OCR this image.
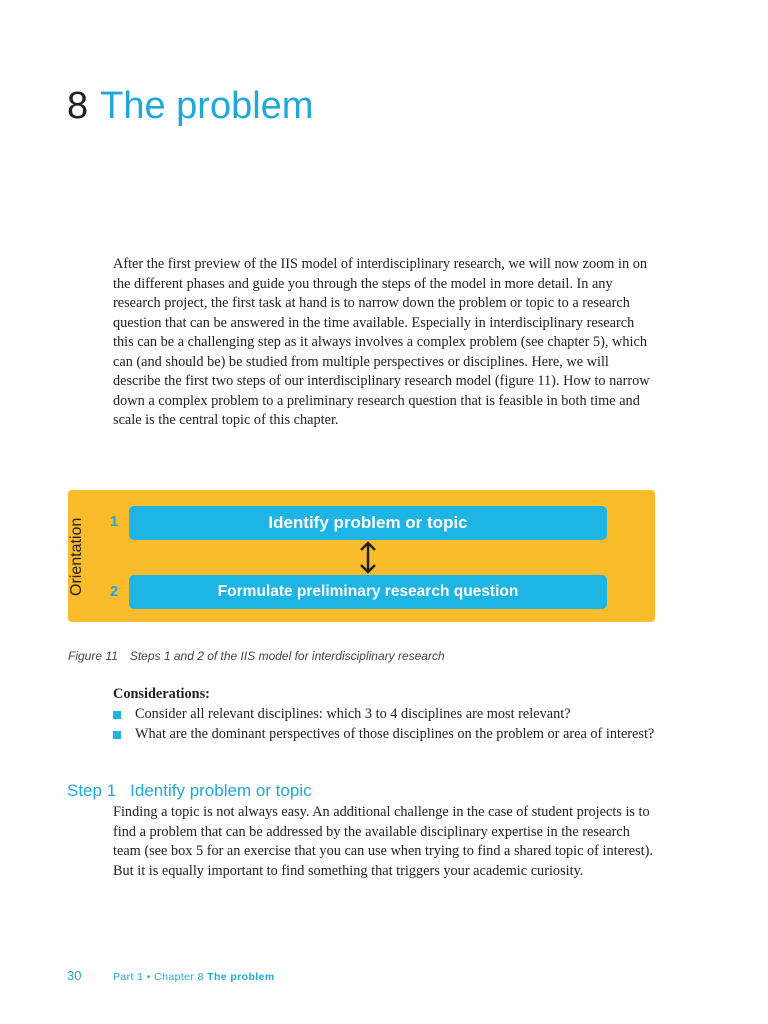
8 The problem

After the first preview of the IIS model of interdisciplinary research, we will now zoom in on the different phases and guide you through the steps of the model in more detail. In any research project, the first task at hand is to narrow down the problem or topic to a research question that can be answered in the time available. Especially in interdisciplinary research this can be a challenging step as it always involves a complex problem (see chapter 5), which can (and should be) be studied from multiple perspectives or disciplines. Here, we will describe the first two steps of our interdisciplinary research model (figure 11). How to narrow down a complex problem to a preliminary research question that is feasible in both time and scale is the central topic of this chapter.

Orientation 1	Identify problem or topic
2	Formulate preliminary research question
Figure 11 Steps 1 and 2 of the IIS model for interdisciplinary research

Considerations:

Consider all relevant disciplines: which 3 to 4 disciplines are most relevant?
What are the dominant perspectives of those disciplines on the problem or area of interest?
Step 1 Identify problem or topic

Finding a topic is not always easy. An additional challenge in the case of student projects is to find a problem that can be addressed by the available disciplinary expertise in the research team (see box 5 for an exercise that you can use when trying to find a shared topic of interest). But it is equally important to find something that triggers your academic curiosity.

30	Part 1 • Chapter 8 The problem
